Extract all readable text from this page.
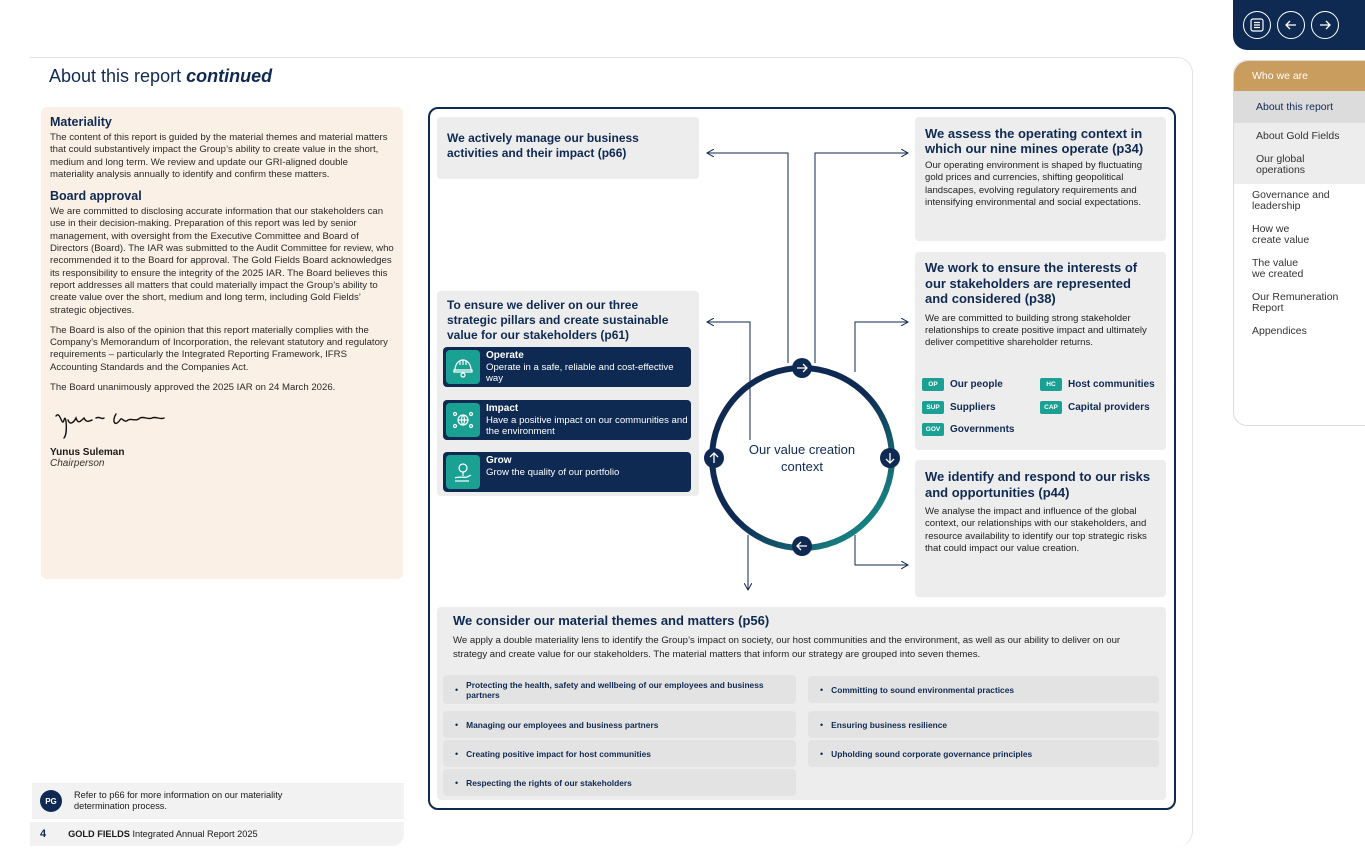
About this report continued
Materiality

The content of this report is guided by the material themes and material matters that could substantively impact the Group’s ability to create value in the short, medium and long term. We review and update our GRI-aligned double materiality analysis annually to identify and confirm these matters.

Board approval

We are committed to disclosing accurate information that our stakeholders can use in their decision-making. Preparation of this report was led by senior management, with oversight from the Executive Committee and Board of Directors (Board). The IAR was submitted to the Audit Committee for review, who recommended it to the Board for approval. The Gold Fields Board acknowledges its responsibility to ensure the integrity of the 2025 IAR. The Board believes this report addresses all matters that could materially impact the Group’s ability to create value over the short, medium and long term, including Gold Fields’ strategic objectives.

The Board is also of the opinion that this report materially complies with the Company’s Memorandum of Incorporation, the relevant statutory and regulatory requirements – particularly the Integrated Reporting Framework, IFRS Accounting Standards and the Companies Act.

The Board unanimously approved the 2025 IAR on 24 March 2026.

Yunus Suleman
Chairperson
PG
Refer to p66 for more information on our materiality determination process.
4 GOLD FIELDS Integrated Annual Report 2025
Our value creation context
We actively manage our business activities and their impact (p66)
We assess the operating context in which our nine mines operate (p34)

Our operating environment is shaped by fluctuating gold prices and currencies, shifting geopolitical landscapes, evolving regulatory requirements and intensifying environmental and social expectations.

We work to ensure the interests of our stakeholders are represented and considered (p38)

We are committed to building strong stakeholder relationships to create positive impact and ultimately deliver competitive shareholder returns.

OP	Our people	HC	Host communities
SUP	Suppliers	CAP	Capital providers
GOV Governments
We identify and respond to our risks and opportunities (p44)

We analyse the impact and influence of the global context, our relationships with our stakeholders, and resource availability to identify our top strategic risks that could impact our value creation.

To ensure we deliver on our three strategic pillars and create sustainable value for our stakeholders (p61)
Operate
Operate in a safe, reliable and cost-effective way
Impact
Have a positive impact on our communities and the environment
Grow
Grow the quality of our portfolio
We consider our material themes and matters (p56)

We apply a double materiality lens to identify the Group’s impact on society, our host communities and the environment, as well as our ability to deliver on our strategy and create value for our stakeholders. The material matters that inform our strategy are grouped into seven themes.

• Protecting the health, safety and wellbeing of our employees and business partners	• Committing to sound environmental practices
• Managing our employees and business partners	• Ensuring business resilience
• Creating positive impact for host communities	• Upholding sound corporate governance principles
• Respecting the rights of our stakeholders
Who we are
About this report
About Gold Fields
Our global operations
Governance and leadership
How we create value
The value we created
Our Remuneration Report
Appendices
